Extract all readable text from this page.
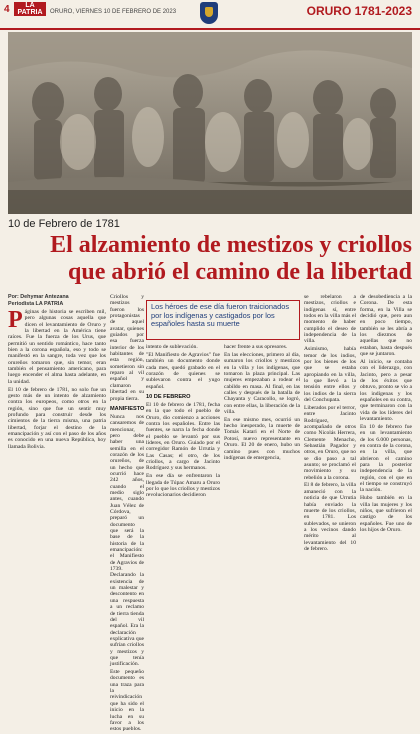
4	LA PATRIA	ORURO, VIERNES 10 DE FEBRERO DE 2023	ORURO 1781-2023
10 de Febrero de 1781
El alzamiento de mestizos y criollos
que abrió el camino de la libertad
Por: Dehymar Antezana
Periodista LA PATRIA

Páginas de historia se escriben mil, pero algunas cosas aquella que dicen el levantamiento de Oruro y la libertad en la América tiene raíces. Fue la fuerza de los Urus, que permitió un sentido romántico, hace tanto bien a la corona española, eso y todo se manifestó en la sangre, toda vez que los orureños tomaron que, sin temor, eran también el pensamiento americano, para luego encender el alma hasta adelante, en la unidad.

El 10 de febrero de 1781, no solo fue un gesto más de un intento de alzamiento contra los europeos, como otros en la región, sino que fue un sentir muy profundo para construir desde los cimientos de la tierra misma, una patria libertad, forjar el destino de la emancipación y así con el paso de los años es conocido en una nueva República, hoy llamada Bolivia.

Criollos y mestizos fueron los protagonistas de aquel avatar, quienes guiados por esa fuerza interior de los habitantes de esta región, sometieron sin reparo al vil español y clamaron libertad en su propia tierra.

MANIFIESTO

Nunca nos cansaremos de mencionar, pero debe haber una semilla en el corazón de los orureños, de un hecho que ocurrió hace 242 años, cuando el medio siglo antes, cuando Juan Vélez de Córdova, preparó un documento que será la base de la historia de la emancipación: el Manifiesto de Agravios de 1739. Declarando la existencia de un malestar y descontento en una respuesta a un reclamo de tierra tienda del vil español. Era la declaración explicativa que sufrían criollos y mestizos y que tenía justificación.

Este pequeño documento es una traza para la reivindicación que ha sido el inicio en la lucha en su favor a los estos pueblos.

Los héroes de ese día fueron traicionados por los indígenas y castigados por los españoles hasta su muerte

intento de sublevación.

"El Manifiesto de Agravios" fue también un documento donde cada mes, quedó grabado en el corazón de quienes se sublevaron contra el yugo español.

10 DE FEBRERO

El 10 de febrero de 1781, fecha en la que todo el pueblo de Oruro, dio comienzo a acciones contra los españoles. Entre las fuentes, se narra la fecha donde el pueblo se levantó por sus líderes, en Oruro. Guiado por el corregidor Ramón de Urrutia y Las Casas; el otro, de los criollos, a cargo de Jacinto Rodríguez y sus hermanos.

En ese día se enfrentaron la llegada de Túpac Amaru a Oruro por lo que los criollos y mestizos revolucionarios decidieron

hacer frente a sus opresores.

En las elecciones, primero al día, sumaron los criollos y mestizos en la villa y los indígenas, que tomaron la plaza principal. Las mujeres empezaban a rodear el cabildo en masa. Al final, en las calles y después de la batalla de Chayanta y Caracollo, se logró, con entre ellas, la liberación de la villa.

En ese mismo mes, ocurrió un hecho inesperado, la muerte de Tomás Katari en el Norte de Potosí, nuevo representante en Oruro. El 20 de enero, hubo un camino pues con muchos indígenas de emergencia,

se rebelaron a mestizos, criollos e indígenas sí, entre todos en la villa más el momento de haber cumplido el deseo de independencia de la villa.

Asimismo, había temor de los indios, por los bienes de los que se estaba apropiando en la villa, lo que llevó a la tensión entre ellos y los indios de la sierra del Conchupata.

Liberados por el terror, entre Jacinto Rodríguez, acompañado de otros como Nicolás Herrera, Clemente Menacho, Sebastián Pagador y otros, en Oruro, que no se dio paso a tal asunto; se proclamó el movimiento y su rebelión a la corona.

El 8 de febrero, la villa amaneció con la noticia de que Urrutia había enviado la muerte de los criollos, en 1781. Los sublevados, se unieron a los vecinos dando mérito al levantamiento del 10 de febrero.

de desobediencia a la Corona. De esta forma, en la Villa se decidió que, pero aun en poco tiempo, también se les abría a los diezmos de aquellas que no estaban, hasta después que se juntaron.

Al inicio, se contaba con el liderazgo, con Jacinto, pero a pesar de los éxitos que obtuvo, pronto se vio a los indígenas y los españoles en su contra, que terminaron con la vida de los líderes del levantamiento.

En 10 de febrero fue en un levantamiento de los 6.000 personas, en contra de la corona, en la villa, que abrieron el camino para la posterior independencia de la región, con el que en el tiempo se construyó la nación.

Hubo también en la villa las mujeres y los niños, que sufrieron el castigo de los españoles. Fue uno de los hijos de Oruro.
